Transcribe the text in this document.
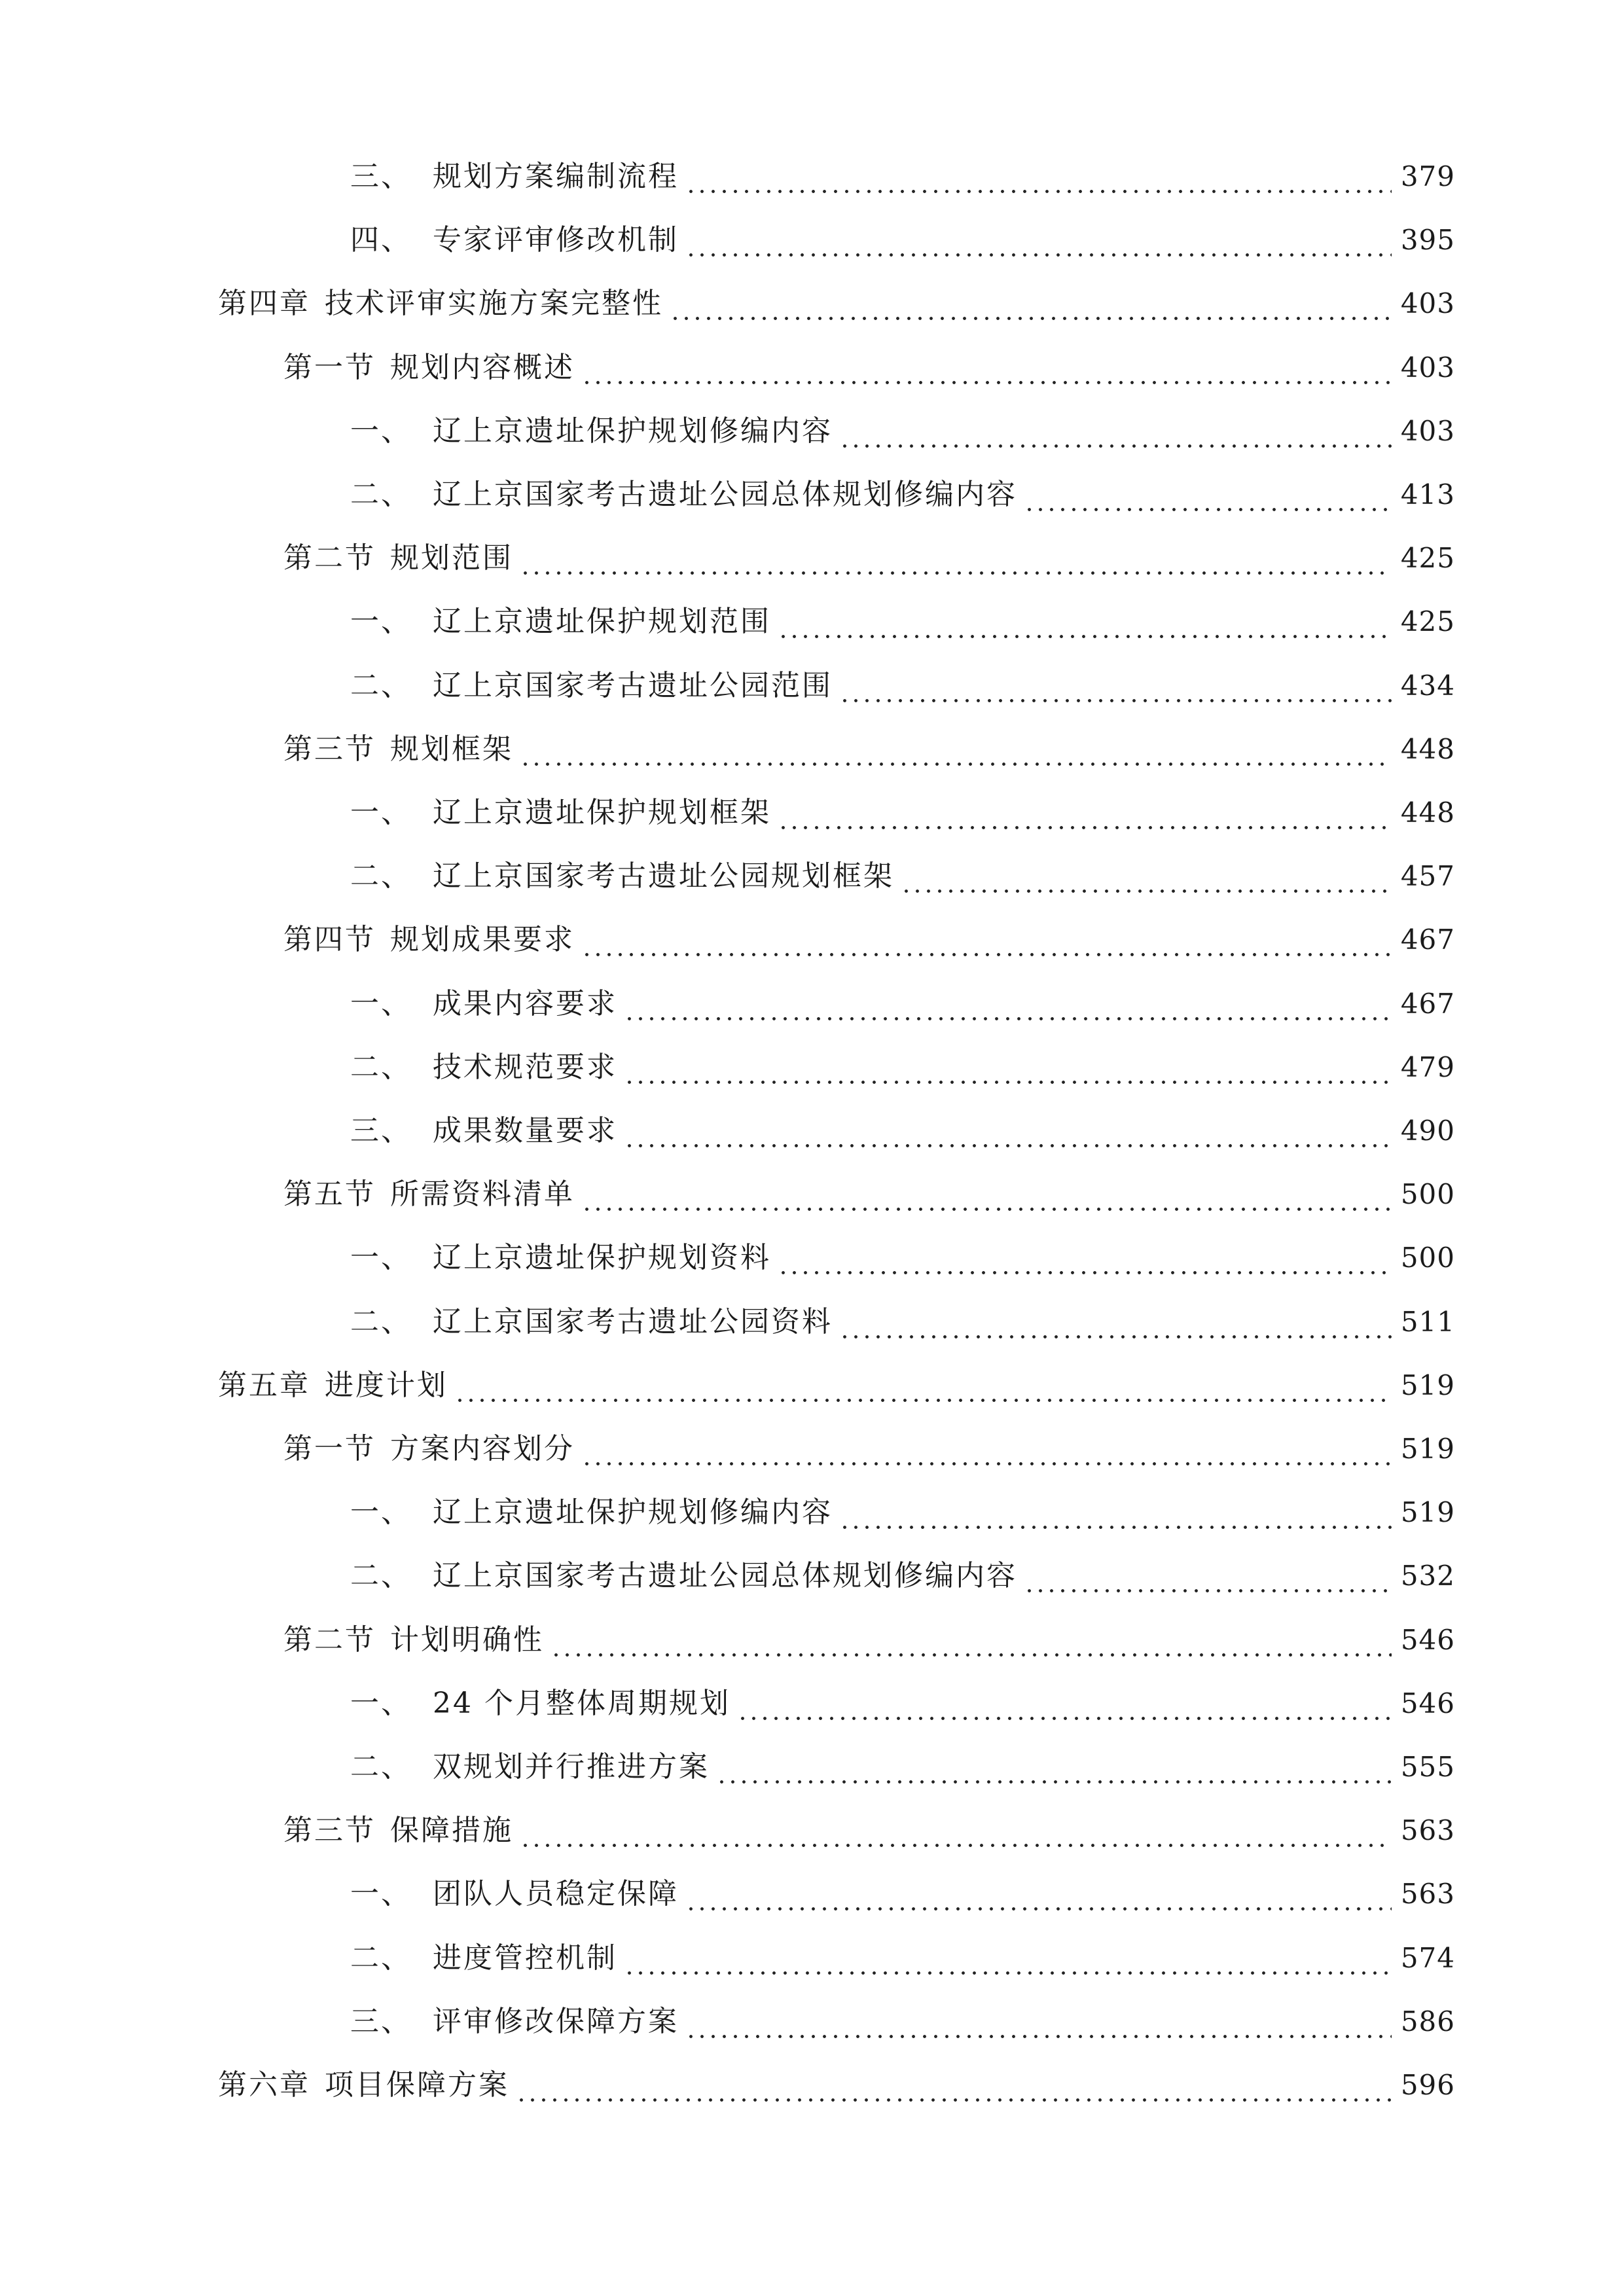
三、 规划方案编制流程	379
四、 专家评审修改机制	395
第四章 技术评审实施方案完整性	403
第一节 规划内容概述	403
一、 辽上京遗址保护规划修编内容	403
二、 辽上京国家考古遗址公园总体规划修编内容	413
第二节 规划范围	425
一、 辽上京遗址保护规划范围	425
二、 辽上京国家考古遗址公园范围	434
第三节 规划框架	448
一、 辽上京遗址保护规划框架	448
二、 辽上京国家考古遗址公园规划框架	457
第四节 规划成果要求	467
一、 成果内容要求	467
二、 技术规范要求	479
三、 成果数量要求	490
第五节 所需资料清单	500
一、 辽上京遗址保护规划资料	500
二、 辽上京国家考古遗址公园资料	511
第五章 进度计划	519
第一节 方案内容划分	519
一、 辽上京遗址保护规划修编内容	519
二、 辽上京国家考古遗址公园总体规划修编内容	532
第二节 计划明确性	546
一、 24 个月整体周期规划	546
二、 双规划并行推进方案	555
第三节 保障措施	563
一、 团队人员稳定保障	563
二、 进度管控机制	574
三、 评审修改保障方案	586
第六章 项目保障方案	596
